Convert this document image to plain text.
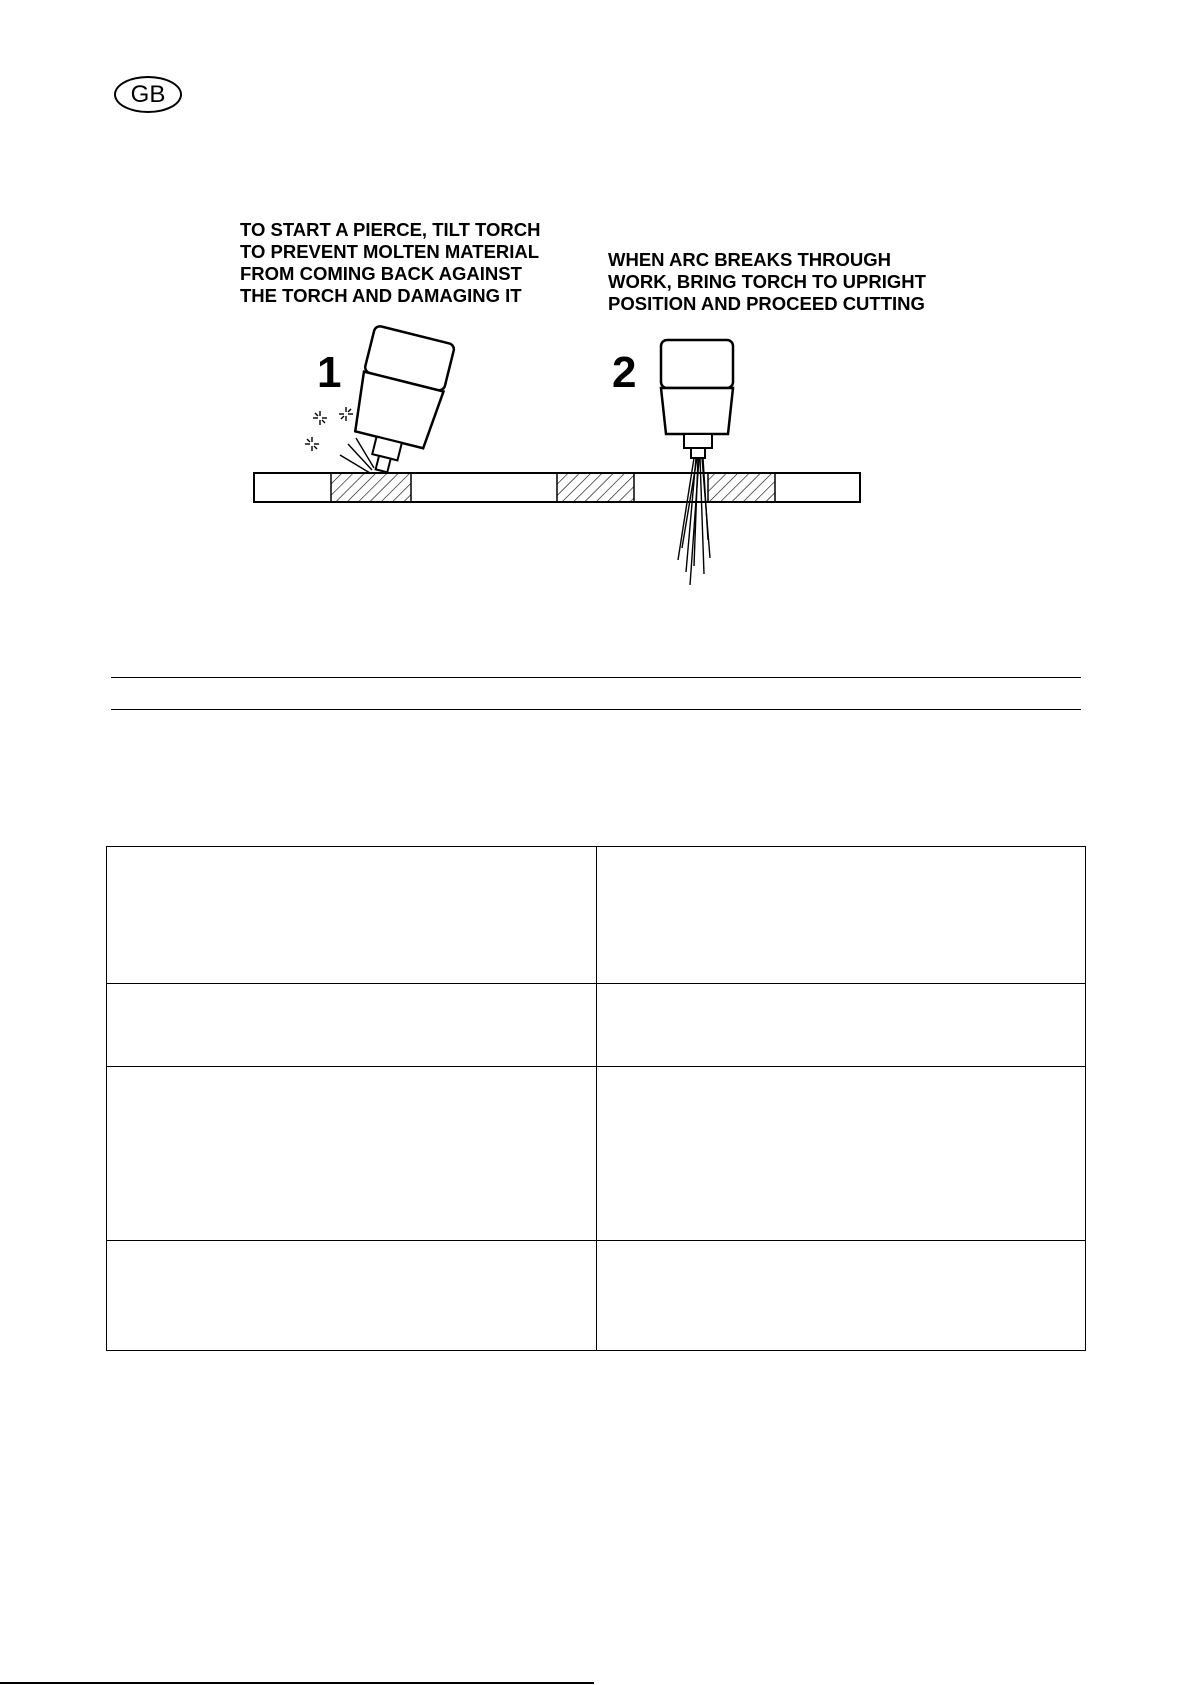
GB
TO START A PIERCE, TILT TORCH
TO PREVENT MOLTEN MATERIAL
FROM COMING BACK AGAINST
THE TORCH AND DAMAGING IT
WHEN ARC BREAKS THROUGH
WORK, BRING TORCH TO UPRIGHT
POSITION AND PROCEED CUTTING
1	2
